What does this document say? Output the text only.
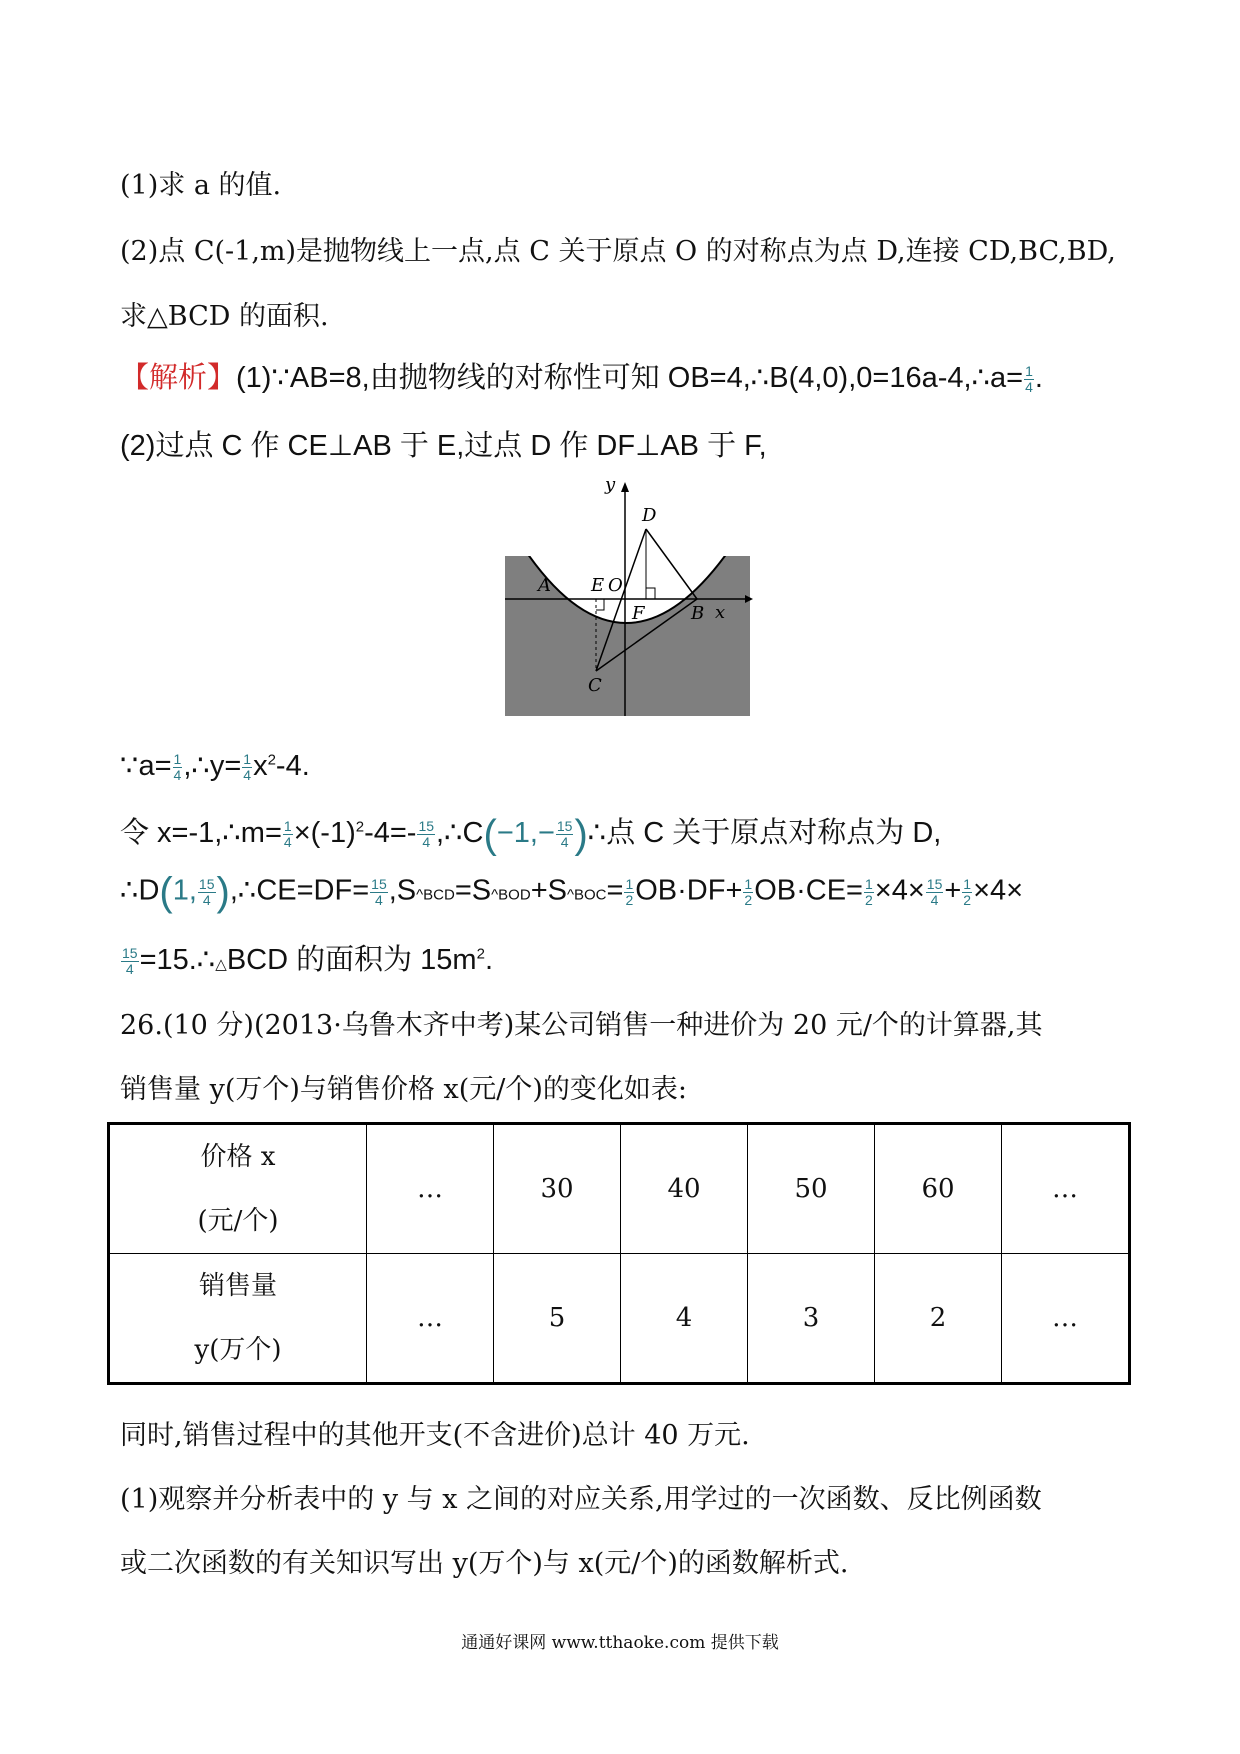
(1)求 a 的值.
(2)点 C(-1,m)是抛物线上一点,点 C 关于原点 O 的对称点为点 D,连接 CD,BC,BD,
求△BCD 的面积.
【解析】(1)∵AB=8,由抛物线的对称性可知 OB=4,∴B(4,0),0=16a-4,∴a= $\frac{1}{4}$ .
(2)过点 C 作 CE⊥AB 于 E,过点 D 作 DF⊥AB 于 F,
y
x
D
A E O
F	B
C
∵a= $\frac{1}{4}$ ,∴y= $\frac{1}{4} x^2-4$.
令 x=-1,∴m= $\frac{1}{4} \times(-1)^2-4=- \frac{15}{4}$ ,∴C(−1,− $\frac{15}{4}$ )∴点 C 关于原点对称点为 D,
∴D(1, $\frac{15}{4}$ ),∴CE=DF= $\frac{15}{4}$ ,S^BCD=S^BOD+S^BOC= $\frac{1}{2} OB\cdot DF+ \frac{1}{2} OB\cdot CE= \frac{1}{2} \times 4\times \frac{15}{4} + \frac{1}{2} \times 4\times$
$\frac{15}{4}$ =15.∴△BCD 的面积为 $15m^2$.
26.(10 分)(2013·乌鲁木齐中考)某公司销售一种进价为 20 元/个的计算器,其
销售量 y(万个)与销售价格 x(元/个)的变化如表:
价格 x
(元/个)	…	30	40	50	60	…

销售量
y(万个)	…	5	4	3	2	…
同时,销售过程中的其他开支(不含进价)总计 40 万元.
(1)观察并分析表中的 y 与 x 之间的对应关系,用学过的一次函数、反比例函数
或二次函数的有关知识写出 y(万个)与 x(元/个)的函数解析式.
通通好课网 www.tthaoke.com 提供下载
